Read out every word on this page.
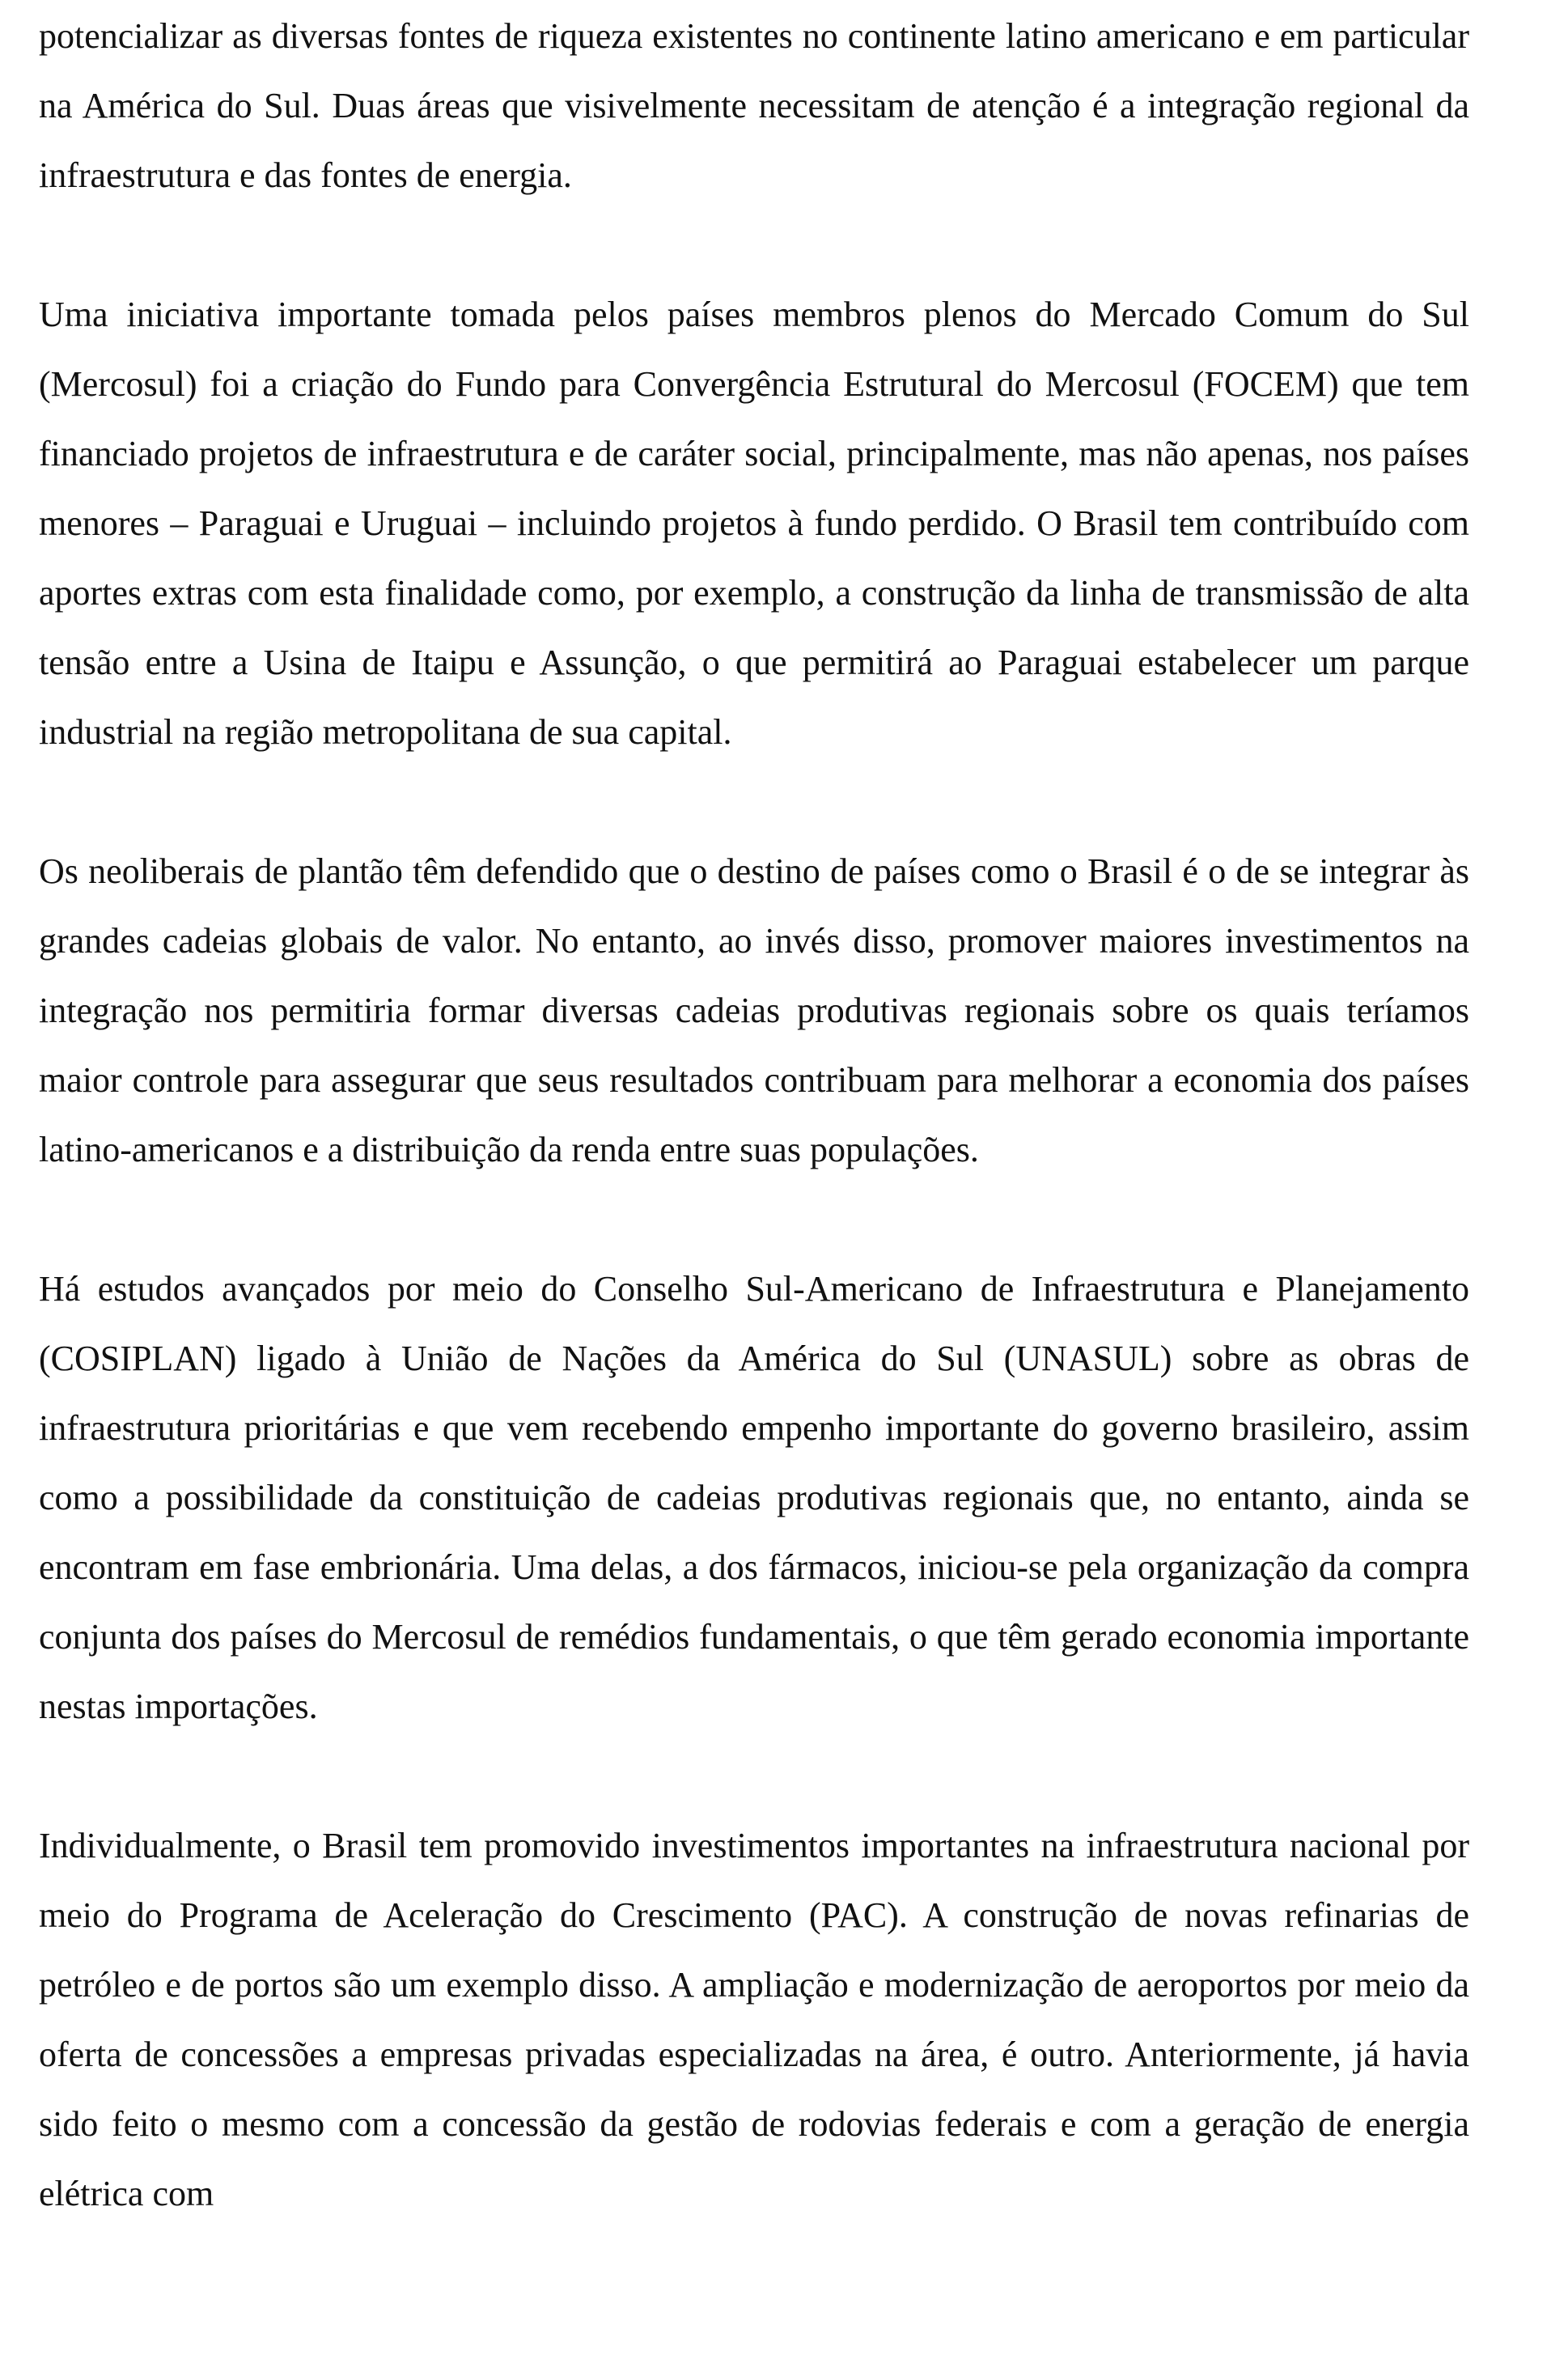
potencializar as diversas fontes de riqueza existentes no continente latino americano e em particular na América do Sul. Duas áreas que visivelmente necessitam de atenção é a integração regional da infraestrutura e das fontes de energia.

Uma iniciativa importante tomada pelos países membros plenos do Mercado Comum do Sul (Mercosul) foi a criação do Fundo para Convergência Estrutural do Mercosul (FOCEM) que tem financiado projetos de infraestrutura e de caráter social, principalmente, mas não apenas, nos países menores – Paraguai e Uruguai – incluindo projetos à fundo perdido. O Brasil tem contribuído com aportes extras com esta finalidade como, por exemplo, a construção da linha de transmissão de alta tensão entre a Usina de Itaipu e Assunção, o que permitirá ao Paraguai estabelecer um parque industrial na região metropolitana de sua capital.

Os neoliberais de plantão têm defendido que o destino de países como o Brasil é o de se integrar às grandes cadeias globais de valor. No entanto, ao invés disso, promover maiores investimentos na integração nos permitiria formar diversas cadeias produtivas regionais sobre os quais teríamos maior controle para assegurar que seus resultados contribuam para melhorar a economia dos países latino-americanos e a distribuição da renda entre suas populações.

Há estudos avançados por meio do Conselho Sul-Americano de Infraestrutura e Planejamento (COSIPLAN) ligado à União de Nações da América do Sul (UNASUL) sobre as obras de infraestrutura prioritárias e que vem recebendo empenho importante do governo brasileiro, assim como a possibilidade da constituição de cadeias produtivas regionais que, no entanto, ainda se encontram em fase embrionária. Uma delas, a dos fármacos, iniciou-se pela organização da compra conjunta dos países do Mercosul de remédios fundamentais, o que têm gerado economia importante nestas importações.

Individualmente, o Brasil tem promovido investimentos importantes na infraestrutura nacional por meio do Programa de Aceleração do Crescimento (PAC). A construção de novas refinarias de petróleo e de portos são um exemplo disso. A ampliação e modernização de aeroportos por meio da oferta de concessões a empresas privadas especializadas na área, é outro. Anteriormente, já havia sido feito o mesmo com a concessão da gestão de rodovias federais e com a geração de energia elétrica com
